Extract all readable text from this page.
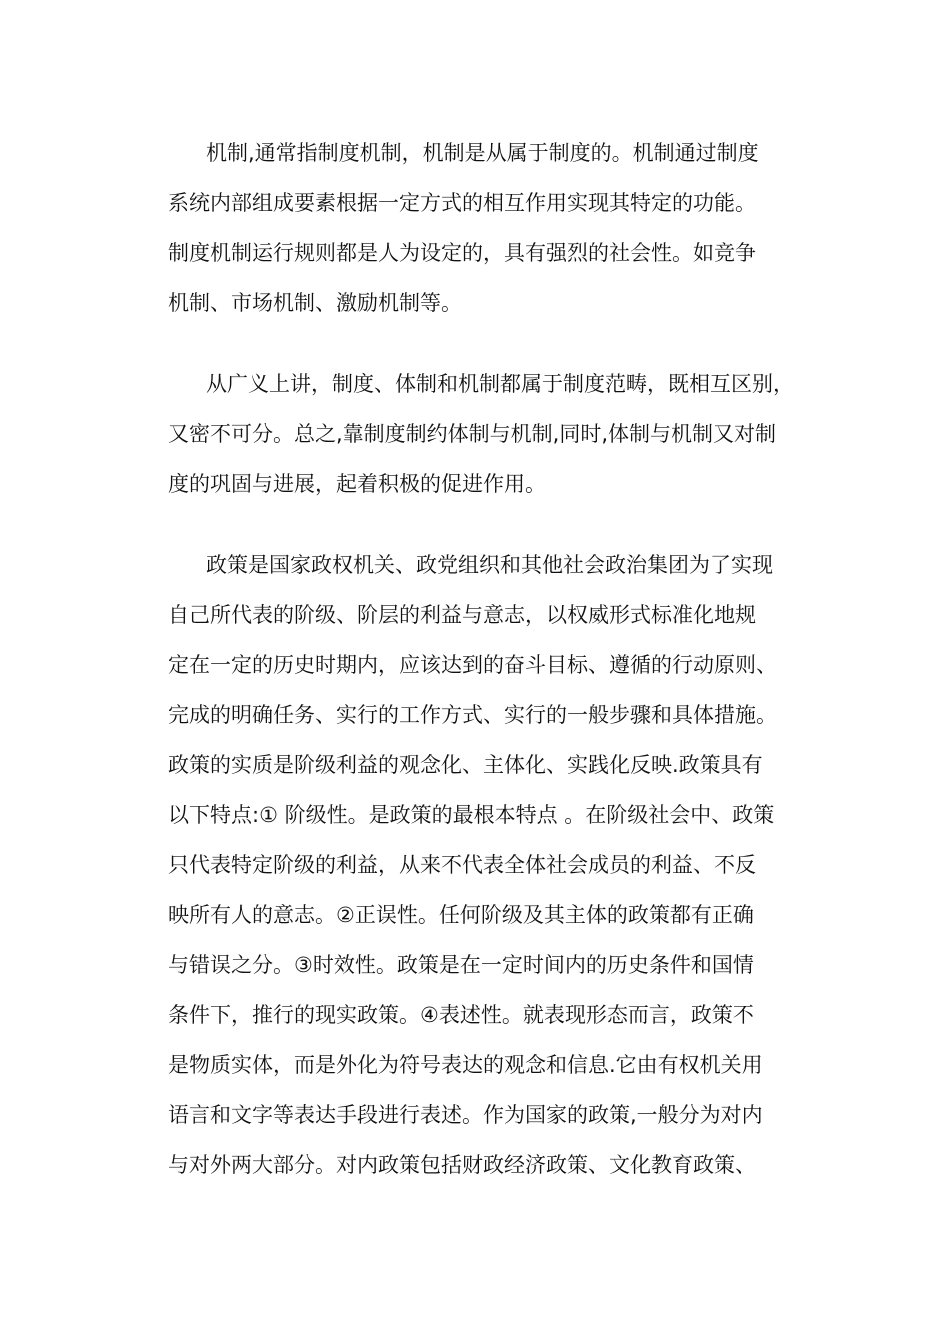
机制,通常指制度机制，机制是从属于制度的。机制通过制度
系统内部组成要素根据一定方式的相互作用实现其特定的功能。
制度机制运行规则都是人为设定的，具有强烈的社会性。如竞争
机制、市场机制、激励机制等。
从广义上讲，制度、体制和机制都属于制度范畴，既相互区别，
又密不可分。总之,靠制度制约体制与机制,同时,体制与机制又对制
度的巩固与进展，起着积极的促进作用。
政策是国家政权机关、政党组织和其他社会政治集团为了实现
自己所代表的阶级、阶层的利益与意志，以权威形式标准化地规
定在一定的历史时期内，应该达到的奋斗目标、遵循的行动原则、
完成的明确任务、实行的工作方式、实行的一般步骤和具体措施。
政策的实质是阶级利益的观念化、主体化、实践化反映.政策具有
以下特点:① 阶级性。是政策的最根本特点 。在阶级社会中、政策
只代表特定阶级的利益，从来不代表全体社会成员的利益、不反
映所有人的意志。②正误性。任何阶级及其主体的政策都有正确
与错误之分。③时效性。政策是在一定时间内的历史条件和国情
条件下，推行的现实政策。④表述性。就表现形态而言，政策不
是物质实体，而是外化为符号表达的观念和信息.它由有权机关用
语言和文字等表达手段进行表述。作为国家的政策,一般分为对内
与对外两大部分。对内政策包括财政经济政策、文化教育政策、
